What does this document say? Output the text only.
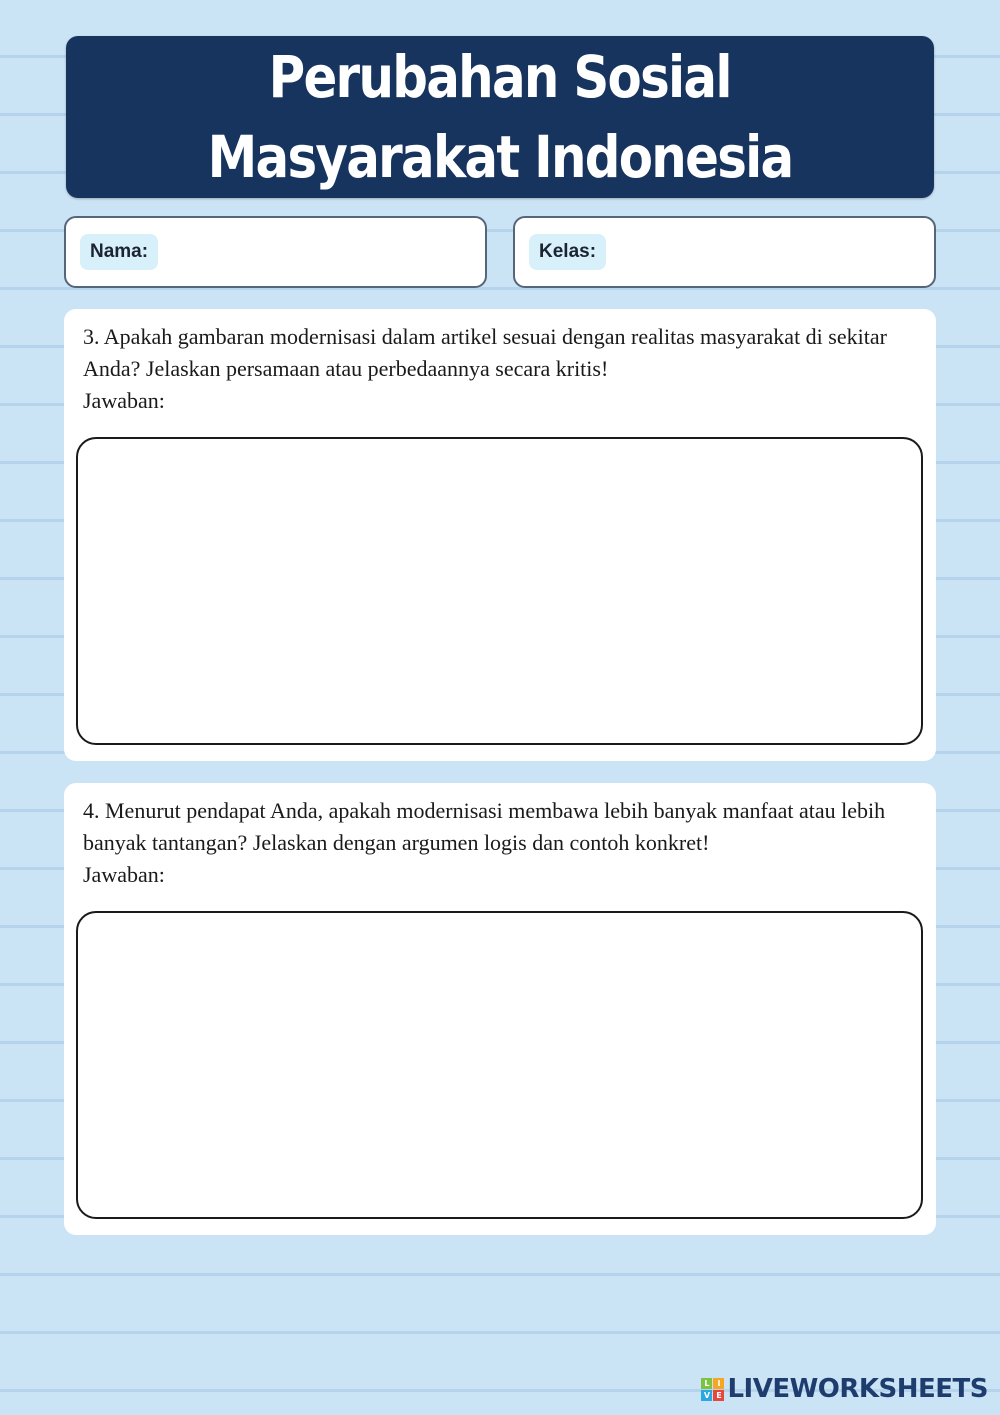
Perubahan Sosial
Masyarakat Indonesia
Nama:	Kelas:
3. Apakah gambaran modernisasi dalam artikel sesuai dengan realitas masyarakat di sekitar Anda? Jelaskan persamaan atau perbedaannya secara kritis!
Jawaban:
4. Menurut pendapat Anda, apakah modernisasi membawa lebih banyak manfaat atau lebih banyak tantangan? Jelaskan dengan argumen logis dan contoh konkret!
Jawaban:
L I
V E LIVEWORKSHEETS
